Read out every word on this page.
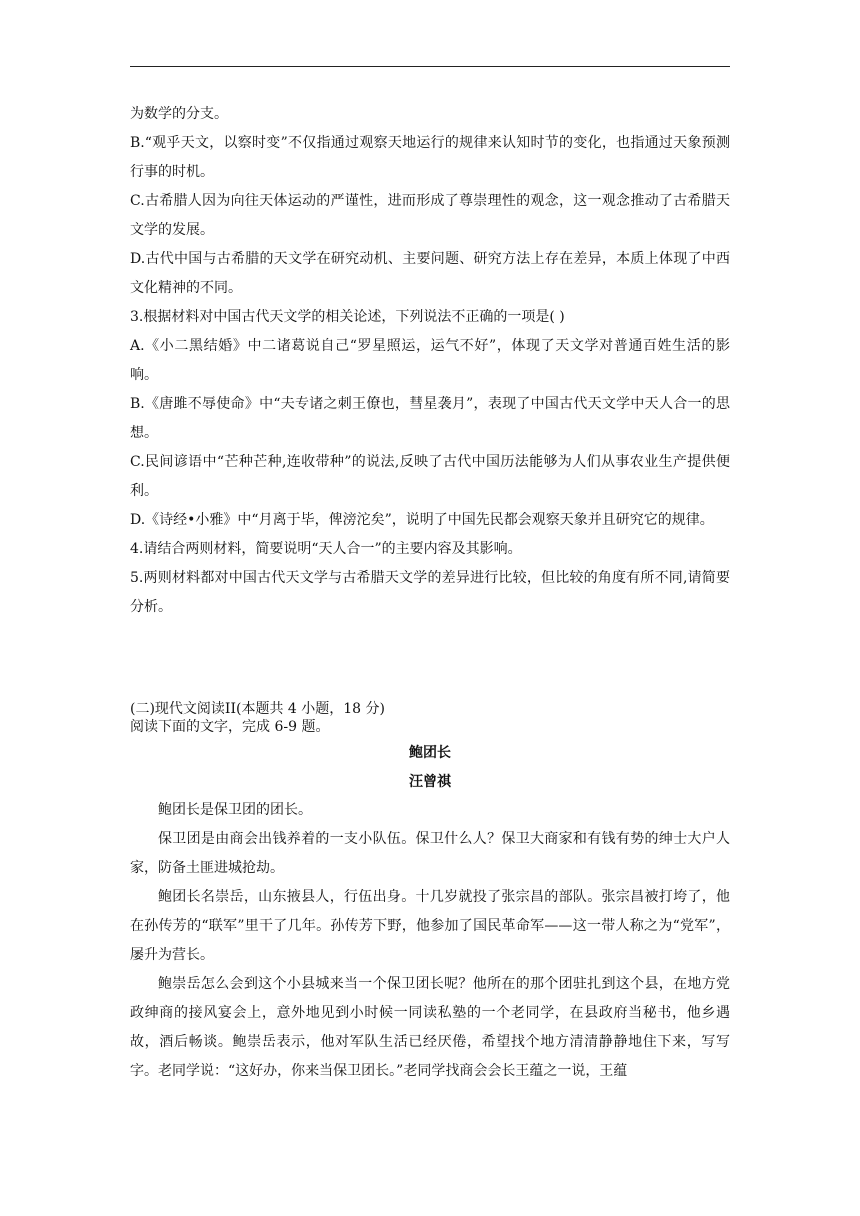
为数学的分支。

B.“观乎天文，以察时变”不仅指通过观察天地运行的规律来认知时节的变化，也指通过天象预测行事的时机。

C.古希腊人因为向往天体运动的严谨性，进而形成了尊崇理性的观念，这一观念推动了古希腊天文学的发展。

D.古代中国与古希腊的天文学在研究动机、主要问题、研究方法上存在差异，本质上体现了中西文化精神的不同。

3.根据材料对中国古代天文学的相关论述，下列说法不正确的一项是( )

A.《小二黑结婚》中二诸葛说自己“罗星照运，运气不好”，体现了天文学对普通百姓生活的影响。

B.《唐雎不辱使命》中“夫专诸之刺王僚也，彗星袭月”，表现了中国古代天文学中天人合一的思想。

C.民间谚语中“芒种芒种,连收带种”的说法,反映了古代中国历法能够为人们从事农业生产提供便利。

D.《诗经•小雅》中“月离于毕，俾滂沱矣”，说明了中国先民都会观察天象并且研究它的规律。

4.请结合两则材料，简要说明“天人合一”的主要内容及其影响。

5.两则材料都对中国古代天文学与古希腊天文学的差异进行比较，但比较的角度有所不同,请简要分析。

(二)现代文阅读II(本题共 4 小题，18 分)

阅读下面的文字，完成 6-9 题。

鲍团长
汪曾祺

鲍团长是保卫团的团长。

保卫团是由商会出钱养着的一支小队伍。保卫什么人？保卫大商家和有钱有势的绅士大户人家，防备土匪进城抢劫。

鲍团长名崇岳，山东掖县人，行伍出身。十几岁就投了张宗昌的部队。张宗昌被打垮了，他在孙传芳的“联军”里干了几年。孙传芳下野，他参加了国民革命军——这一带人称之为“党军”，屡升为营长。

鲍崇岳怎么会到这个小县城来当一个保卫团长呢？他所在的那个团驻扎到这个县，在地方党政绅商的接风宴会上，意外地见到小时候一同读私塾的一个老同学，在县政府当秘书，他乡遇故，酒后畅谈。鲍崇岳表示，他对军队生活已经厌倦，希望找个地方清清静静地住下来，写写字。老同学说：“这好办，你来当保卫团长。”老同学找商会会长王蕴之一说，王蕴
